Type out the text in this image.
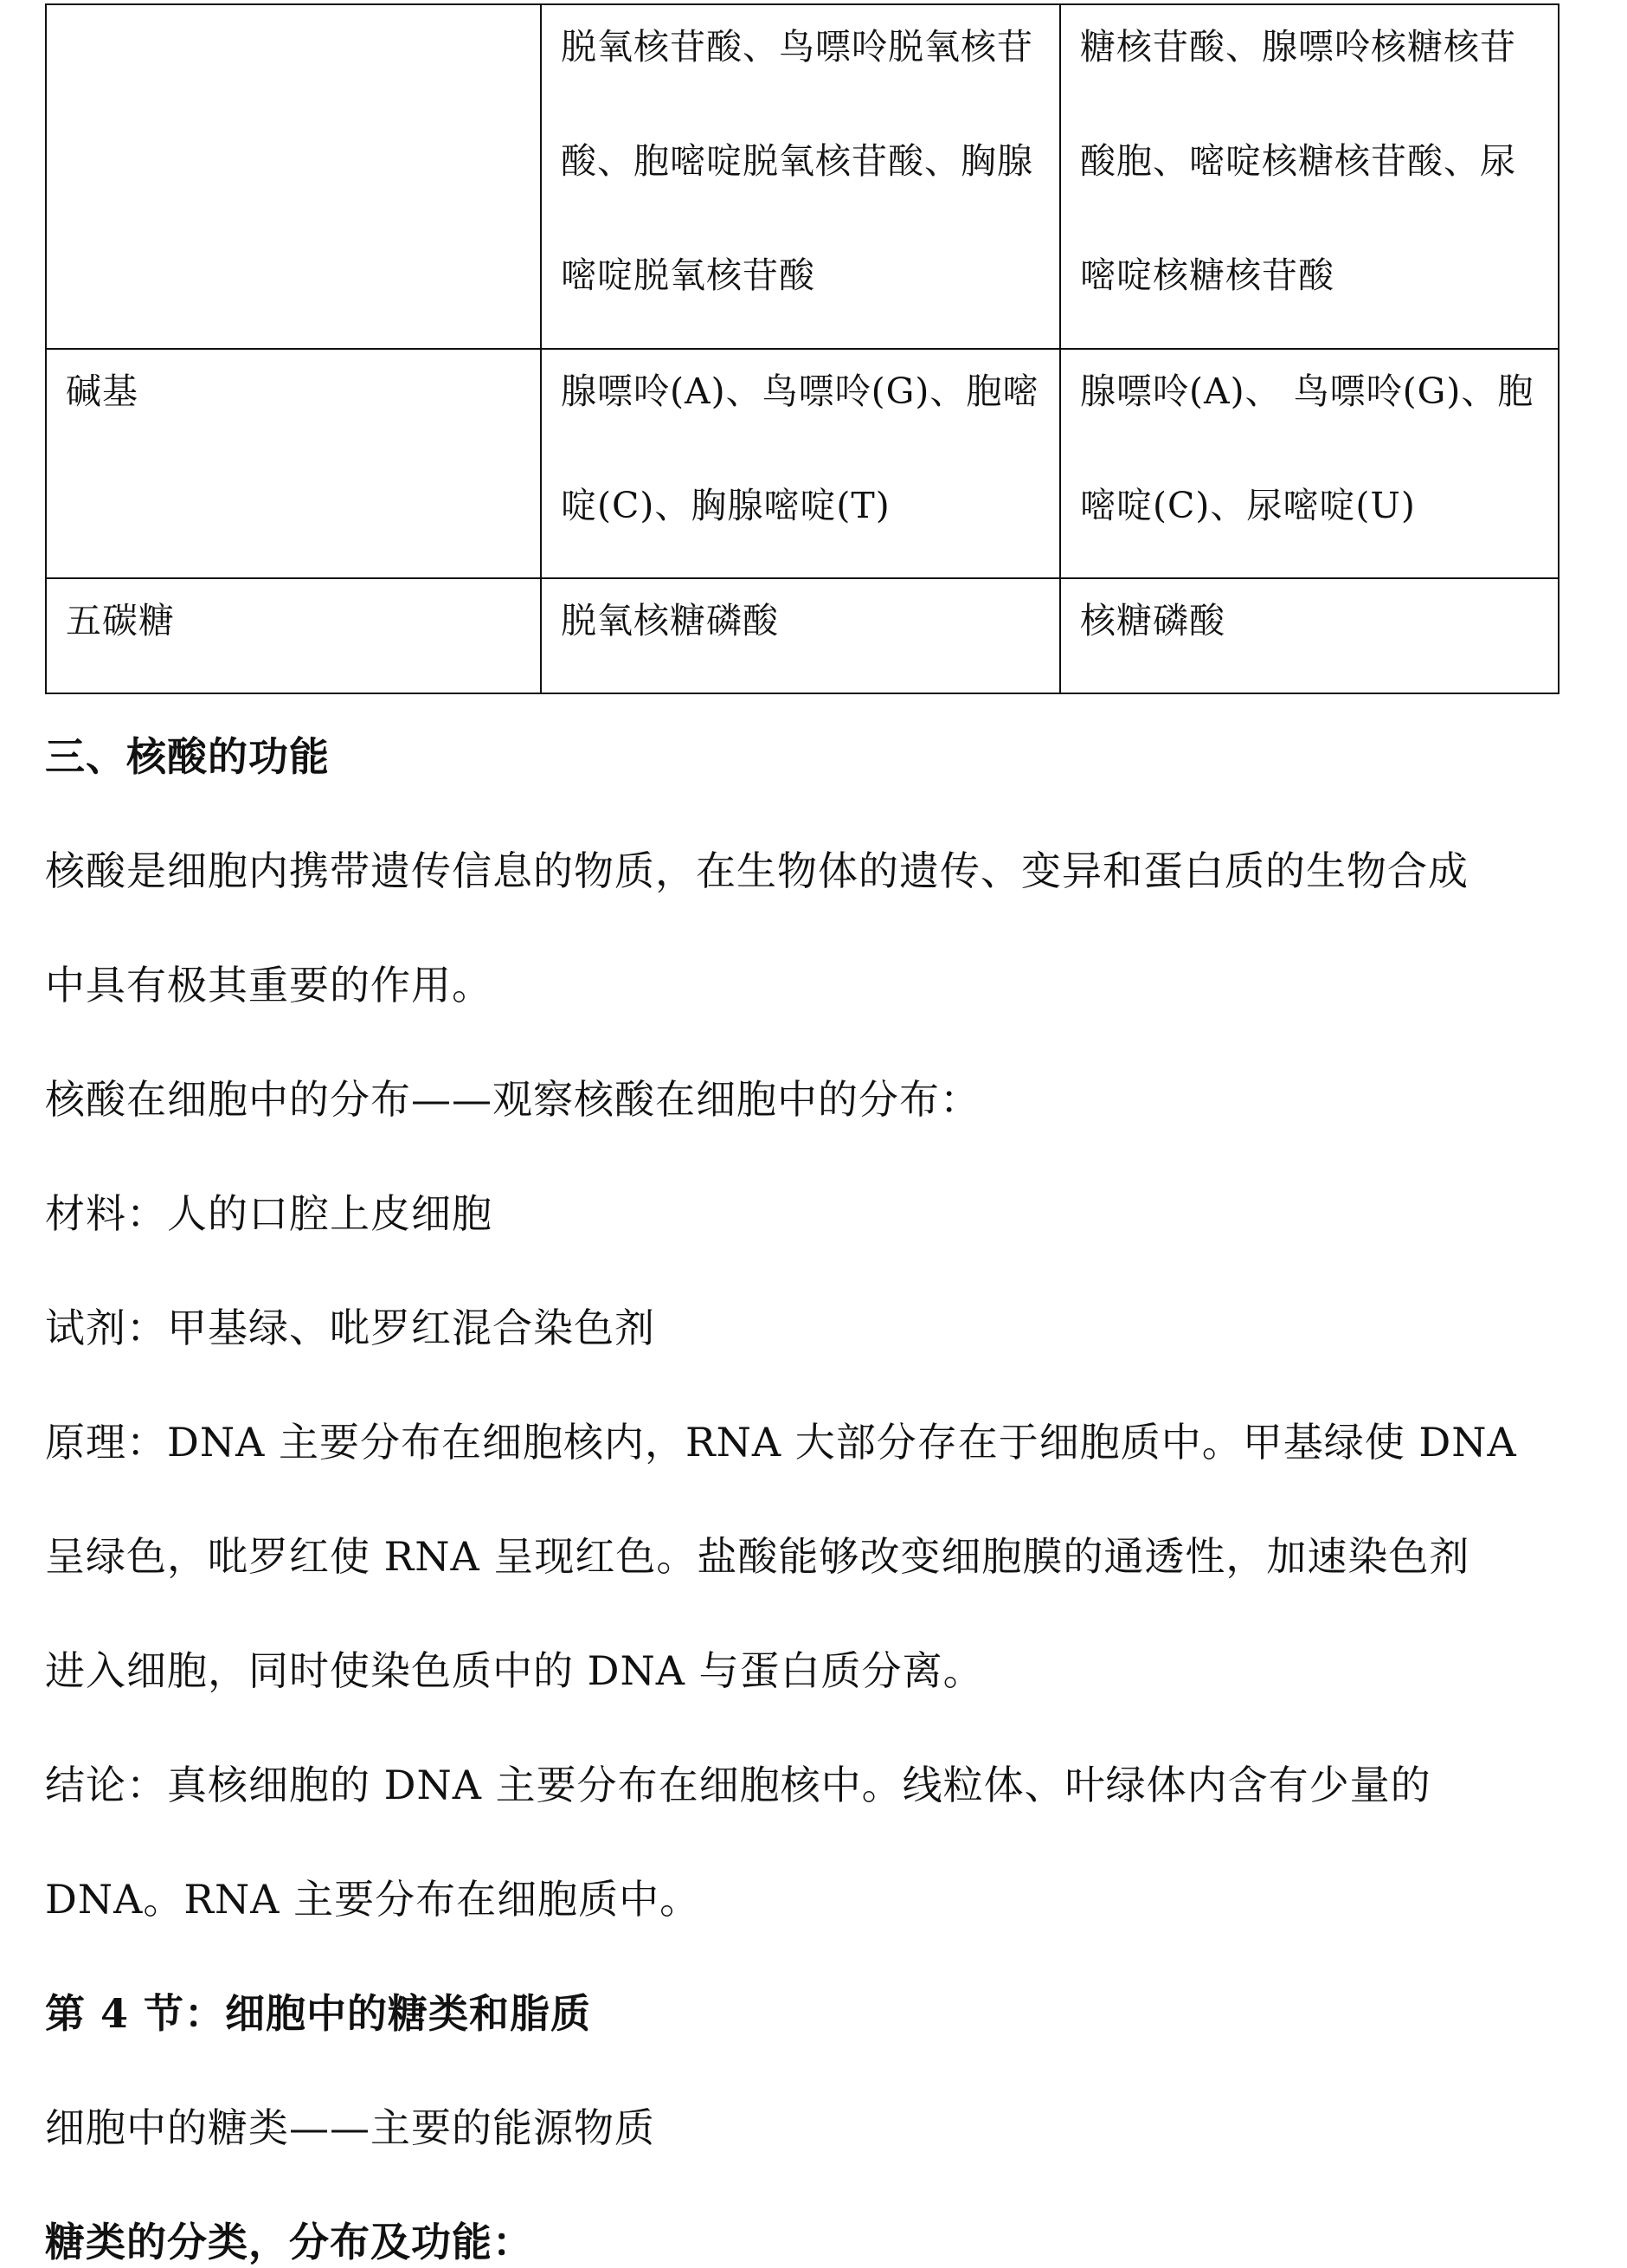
	脱氧核苷酸、鸟嘌呤脱氧核苷酸、胞嘧啶脱氧核苷酸、胸腺嘧啶脱氧核苷酸	糖核苷酸、腺嘌呤核糖核苷酸胞、嘧啶核糖核苷酸、尿嘧啶核糖核苷酸

碱基	腺嘌呤(A)、鸟嘌呤(G)、胞嘧啶(C)、胸腺嘧啶(T)	腺嘌呤(A)、 鸟嘌呤(G)、胞嘧啶(C)、尿嘧啶(U)

五碳糖	脱氧核糖磷酸	核糖磷酸
三、核酸的功能
核酸是细胞内携带遗传信息的物质，在生物体的遗传、变异和蛋白质的生物合成
中具有极其重要的作用。
核酸在细胞中的分布——观察核酸在细胞中的分布：
材料：人的口腔上皮细胞
试剂：甲基绿、吡罗红混合染色剂
原理：DNA 主要分布在细胞核内，RNA 大部分存在于细胞质中。甲基绿使 DNA
呈绿色，吡罗红使 RNA 呈现红色。盐酸能够改变细胞膜的通透性，加速染色剂
进入细胞，同时使染色质中的 DNA 与蛋白质分离。
结论：真核细胞的 DNA 主要分布在细胞核中。线粒体、叶绿体内含有少量的
DNA。RNA 主要分布在细胞质中。
第 4 节：细胞中的糖类和脂质
细胞中的糖类——主要的能源物质
糖类的分类，分布及功能：
